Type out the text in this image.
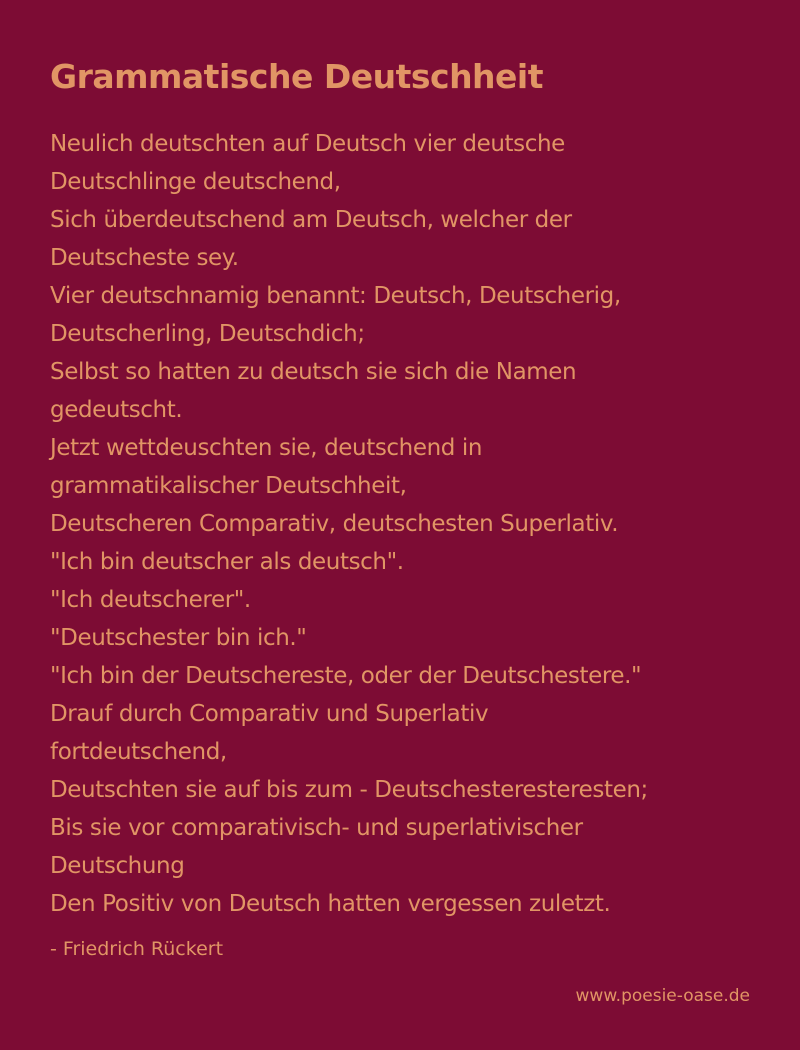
Grammatische Deutschheit
Neulich deutschten auf Deutsch vier deutsche
Deutschlinge deutschend,
Sich überdeutschend am Deutsch, welcher der
Deutscheste sey.
Vier deutschnamig benannt: Deutsch, Deutscherig,
Deutscherling, Deutschdich;
Selbst so hatten zu deutsch sie sich die Namen
gedeutscht.
Jetzt wettdeuschten sie, deutschend in
grammatikalischer Deutschheit,
Deutscheren Comparativ, deutschesten Superlativ.
"Ich bin deutscher als deutsch".
"Ich deutscherer".
"Deutschester bin ich."
"Ich bin der Deutschereste, oder der Deutschestere."
Drauf durch Comparativ und Superlativ
fortdeutschend,
Deutschten sie auf bis zum - Deutschesteresteresten;
Bis sie vor comparativisch- und superlativischer
Deutschung
Den Positiv von Deutsch hatten vergessen zuletzt.
- Friedrich Rückert
www.poesie-oase.de
